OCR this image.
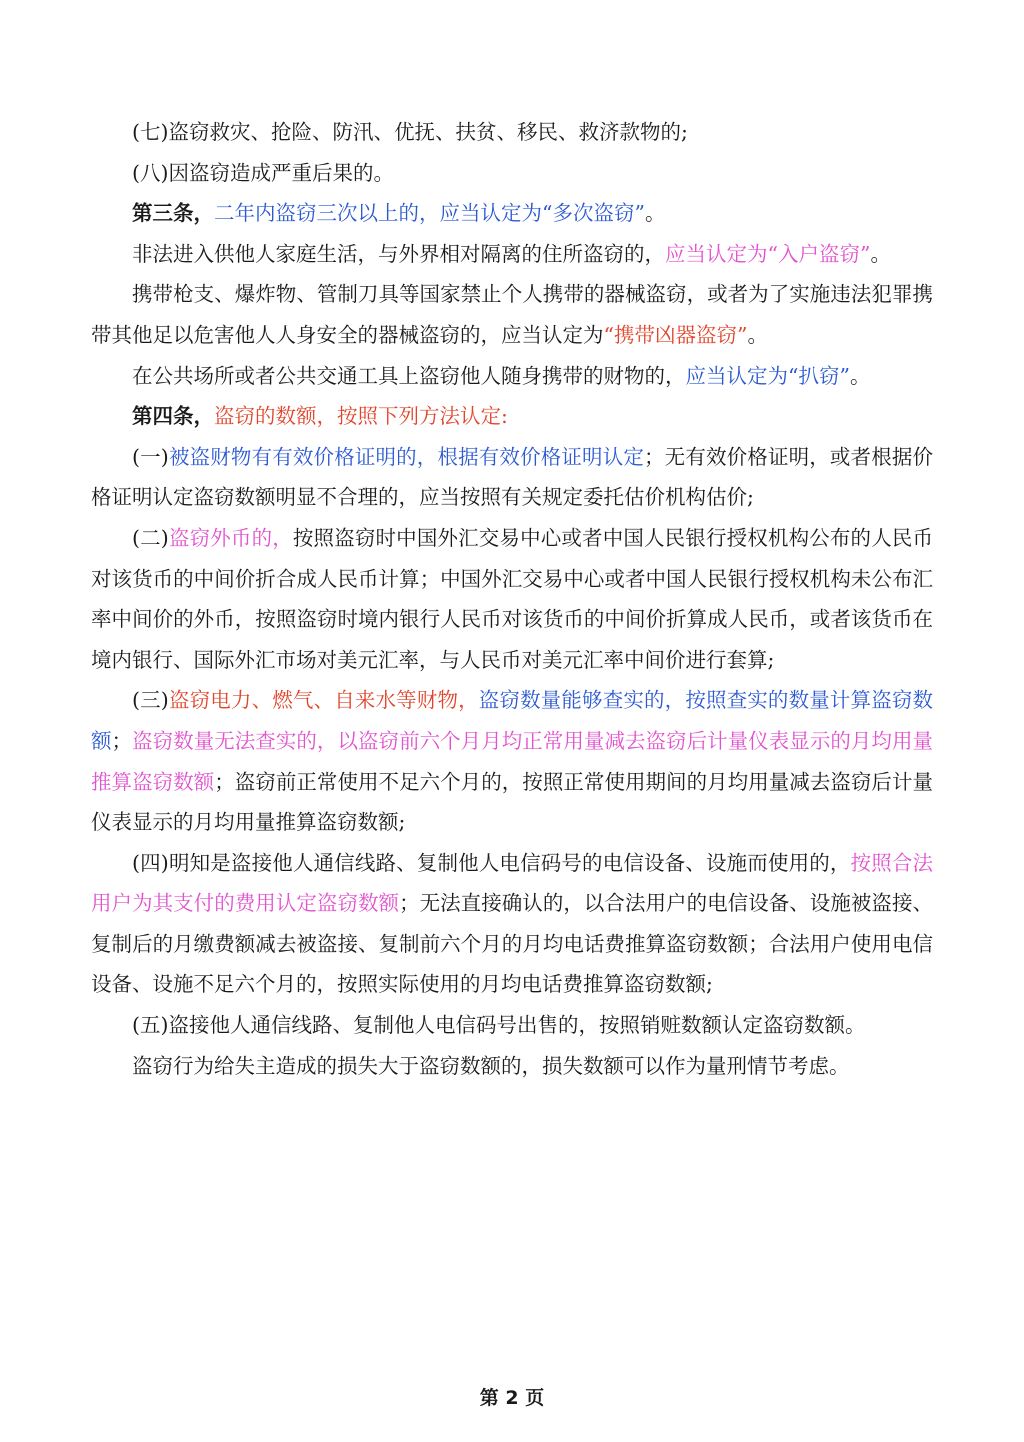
(七)盗窃救灾、抢险、防汛、优抚、扶贫、移民、救济款物的;

(八)因盗窃造成严重后果的。

第三条，二年内盗窃三次以上的，应当认定为“多次盗窃”。

非法进入供他人家庭生活，与外界相对隔离的住所盗窃的，应当认定为“入户盗窃”。

携带枪支、爆炸物、管制刀具等国家禁止个人携带的器械盗窃，或者为了实施违法犯罪携带其他足以危害他人人身安全的器械盗窃的，应当认定为“携带凶器盗窃”。

在公共场所或者公共交通工具上盗窃他人随身携带的财物的，应当认定为“扒窃”。

第四条，盗窃的数额，按照下列方法认定:

(一)被盗财物有有效价格证明的，根据有效价格证明认定；无有效价格证明，或者根据价格证明认定盗窃数额明显不合理的，应当按照有关规定委托估价机构估价;

(二)盗窃外币的，按照盗窃时中国外汇交易中心或者中国人民银行授权机构公布的人民币对该货币的中间价折合成人民币计算；中国外汇交易中心或者中国人民银行授权机构未公布汇率中间价的外币，按照盗窃时境内银行人民币对该货币的中间价折算成人民币，或者该货币在境内银行、国际外汇市场对美元汇率，与人民币对美元汇率中间价进行套算;

(三)盗窃电力、燃气、自来水等财物，盗窃数量能够查实的，按照查实的数量计算盗窃数额；盗窃数量无法查实的，以盗窃前六个月月均正常用量减去盗窃后计量仪表显示的月均用量推算盗窃数额；盗窃前正常使用不足六个月的，按照正常使用期间的月均用量减去盗窃后计量仪表显示的月均用量推算盗窃数额;

(四)明知是盗接他人通信线路、复制他人电信码号的电信设备、设施而使用的，按照合法用户为其支付的费用认定盗窃数额；无法直接确认的，以合法用户的电信设备、设施被盗接、复制后的月缴费额减去被盗接、复制前六个月的月均电话费推算盗窃数额；合法用户使用电信设备、设施不足六个月的，按照实际使用的月均电话费推算盗窃数额;

(五)盗接他人通信线路、复制他人电信码号出售的，按照销赃数额认定盗窃数额。

盗窃行为给失主造成的损失大于盗窃数额的，损失数额可以作为量刑情节考虑。

第 2 页
